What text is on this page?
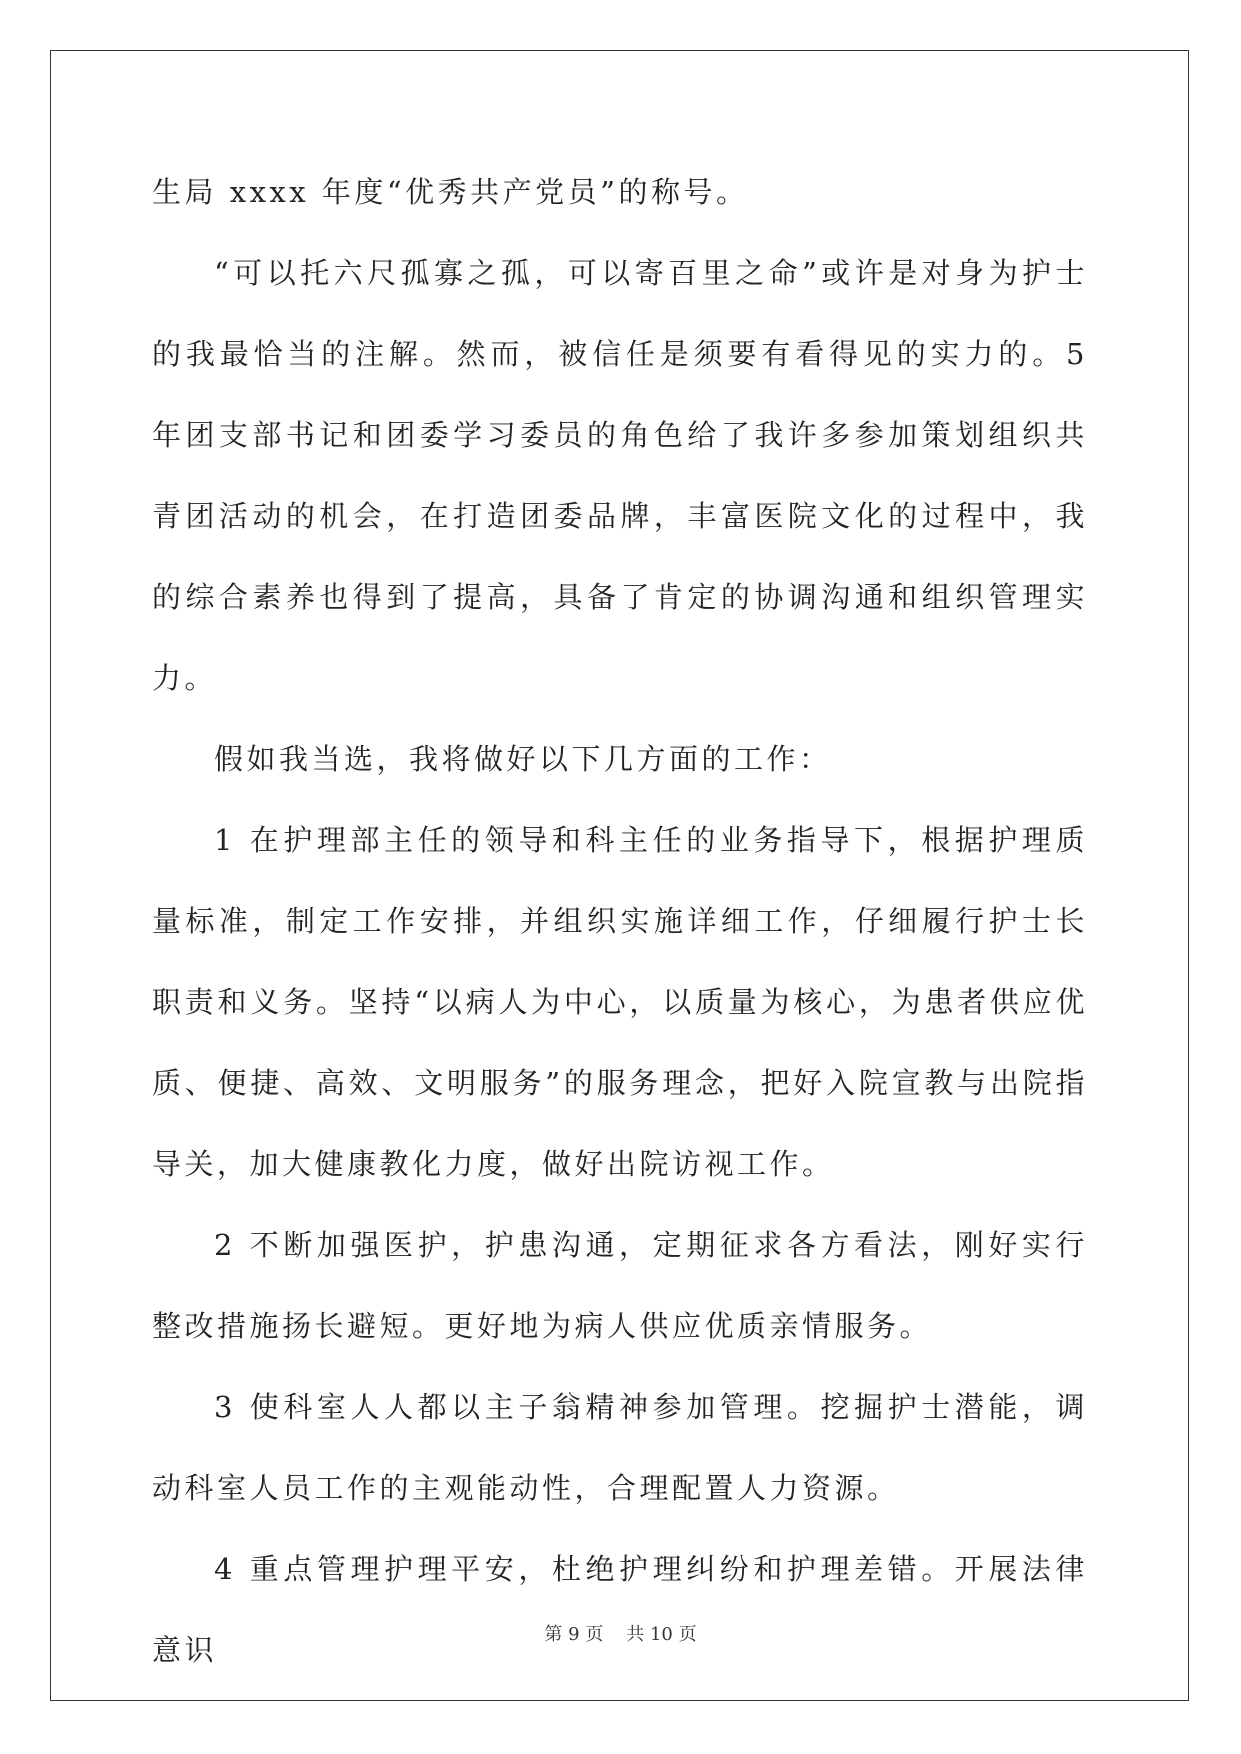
生局 xxxx 年度“优秀共产党员”的称号。

“可以托六尺孤寡之孤，可以寄百里之命”或许是对身为护士的我最恰当的注解。然而，被信任是须要有看得见的实力的。5 年团支部书记和团委学习委员的角色给了我许多参加策划组织共青团活动的机会，在打造团委品牌，丰富医院文化的过程中，我的综合素养也得到了提高，具备了肯定的协调沟通和组织管理实力。

假如我当选，我将做好以下几方面的工作：

1 在护理部主任的领导和科主任的业务指导下，根据护理质量标准，制定工作安排，并组织实施详细工作，仔细履行护士长职责和义务。坚持“以病人为中心，以质量为核心，为患者供应优质、便捷、高效、文明服务”的服务理念，把好入院宣教与出院指导关，加大健康教化力度，做好出院访视工作。

2 不断加强医护，护患沟通，定期征求各方看法，刚好实行整改措施扬长避短。更好地为病人供应优质亲情服务。

3 使科室人人都以主子翁精神参加管理。挖掘护士潜能，调动科室人员工作的主观能动性，合理配置人力资源。

4 重点管理护理平安，杜绝护理纠纷和护理差错。开展法律意识	第 9 页 共 10 页
